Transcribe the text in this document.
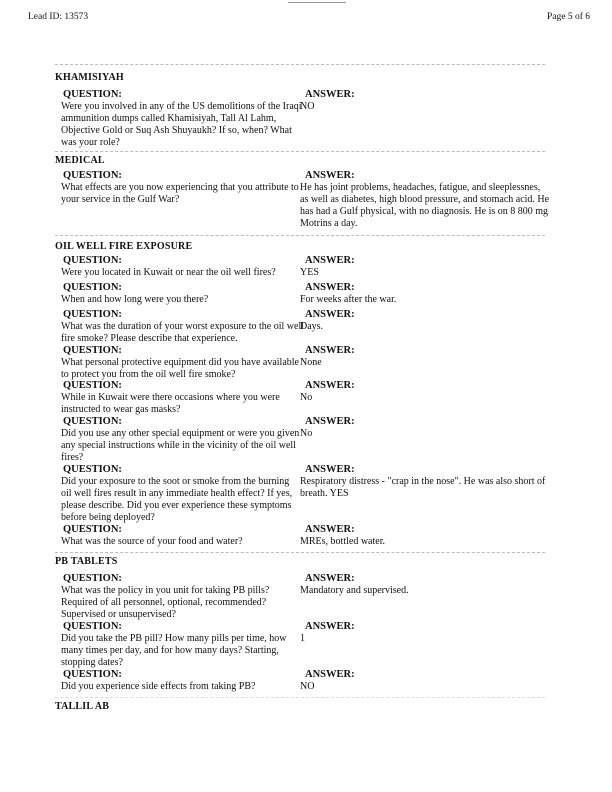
Lead ID: 13573	Page 5 of 6
KHAMISIYAH
QUESTION:
Were you involved in any of the US demolitions of the Iraqi ammunition dumps called Khamisiyah, Tall Al Lahm, Objective Gold or Suq Ash Shuyaukh? If so, when? What was your role?
ANSWER:
NO
MEDICAL
QUESTION:
What effects are you now experiencing that you attribute to your service in the Gulf War?
ANSWER:
He has joint problems, headaches, fatigue, and sleeplessnes, as well as diabetes, high blood pressure, and stomach acid. He has had a Gulf physical, with no diagnosis. He is on 8 800 mg Motrins a day.
OIL WELL FIRE EXPOSURE
QUESTION:
Were you located in Kuwait or near the oil well fires?
ANSWER:
YES
QUESTION:
When and how long were you there?
ANSWER:
For weeks after the war.
QUESTION:
What was the duration of your worst exposure to the oil well fire smoke? Please describe that experience.
ANSWER:
Days.
QUESTION:
What personal protective equipment did you have available to protect you from the oil well fire smoke?
ANSWER:
None
QUESTION:
While in Kuwait were there occasions where you were instructed to wear gas masks?
ANSWER:
No
QUESTION:
Did you use any other special equipment or were you given any special instructions while in the vicinity of the oil well fires?
ANSWER:
No
QUESTION:
Did your exposure to the soot or smoke from the burning oil well fires result in any immediate health effect? If yes, please describe. Did you ever experience these symptoms before being deployed?
ANSWER:
Respiratory distress - "crap in the nose". He was also short of breath. YES
QUESTION:
What was the source of your food and water?
ANSWER:
MREs, bottled water.
PB TABLETS
QUESTION:
What was the policy in you unit for taking PB pills? Required of all personnel, optional, recommended? Supervised or unsupervised?
ANSWER:
Mandatory and supervised.
QUESTION:
Did you take the PB pill? How many pills per time, how many times per day, and for how many days? Starting, stopping dates?
ANSWER:
1
QUESTION:
Did you experience side effects from taking PB?
ANSWER:
NO
TALLIL AB
